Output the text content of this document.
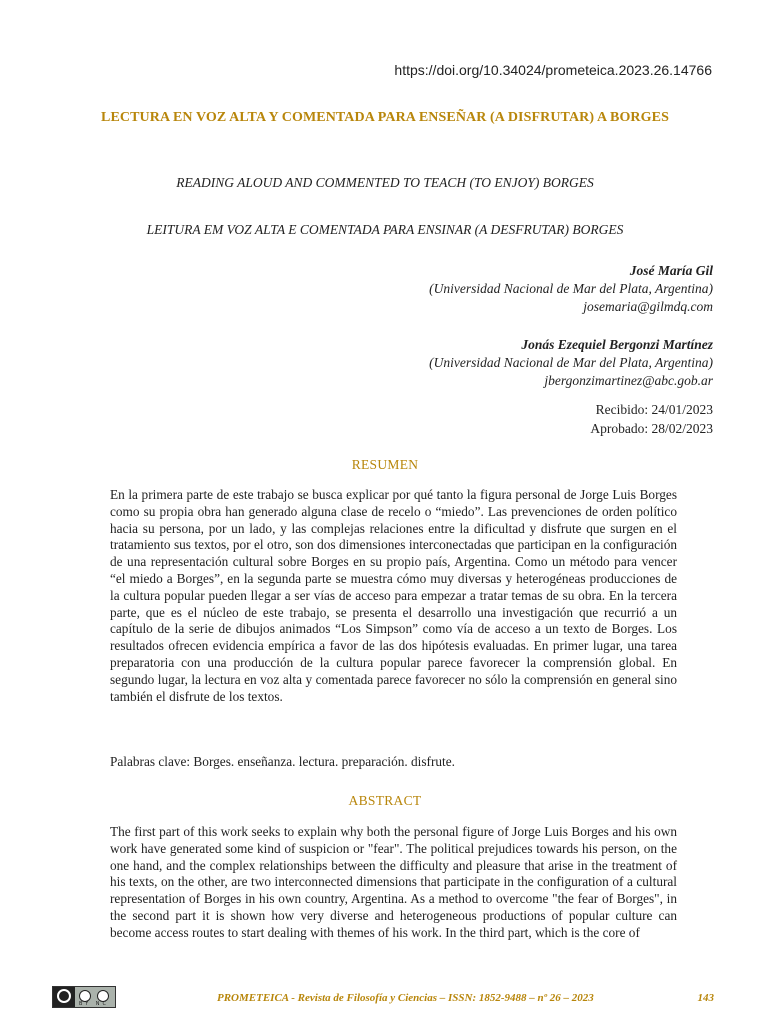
https://doi.org/10.34024/prometeica.2023.26.14766
LECTURA EN VOZ ALTA Y COMENTADA PARA ENSEÑAR (A DISFRUTAR) A BORGES
READING ALOUD AND COMMENTED TO TEACH (TO ENJOY) BORGES
LEITURA EM VOZ ALTA E COMENTADA PARA ENSINAR (A DESFRUTAR) BORGES
José María Gil
(Universidad Nacional de Mar del Plata, Argentina)
josemaria@gilmdq.com
Jonás Ezequiel Bergonzi Martínez
(Universidad Nacional de Mar del Plata, Argentina)
jbergonzimartinez@abc.gob.ar
Recibido: 24/01/2023
Aprobado: 28/02/2023
RESUMEN
En la primera parte de este trabajo se busca explicar por qué tanto la figura personal de Jorge Luis Borges como su propia obra han generado alguna clase de recelo o “miedo”. Las prevenciones de orden político hacia su persona, por un lado, y las complejas relaciones entre la dificultad y disfrute que surgen en el tratamiento sus textos, por el otro, son dos dimensiones interconectadas que participan en la configuración de una representación cultural sobre Borges en su propio país, Argentina. Como un método para vencer “el miedo a Borges”, en la segunda parte se muestra cómo muy diversas y heterogéneas producciones de la cultura popular pueden llegar a ser vías de acceso para empezar a tratar temas de su obra. En la tercera parte, que es el núcleo de este trabajo, se presenta el desarrollo una investigación que recurrió a un capítulo de la serie de dibujos animados “Los Simpson” como vía de acceso a un texto de Borges. Los resultados ofrecen evidencia empírica a favor de las dos hipótesis evaluadas. En primer lugar, una tarea preparatoria con una producción de la cultura popular parece favorecer la comprensión global. En segundo lugar, la lectura en voz alta y comentada parece favorecer no sólo la comprensión en general sino también el disfrute de los textos.
Palabras clave: Borges. enseñanza. lectura. preparación. disfrute.
ABSTRACT
The first part of this work seeks to explain why both the personal figure of Jorge Luis Borges and his own work have generated some kind of suspicion or "fear". The political prejudices towards his person, on the one hand, and the complex relationships between the difficulty and pleasure that arise in the treatment of his texts, on the other, are two interconnected dimensions that participate in the configuration of a cultural representation of Borges in his own country, Argentina. As a method to overcome "the fear of Borges", in the second part it is shown how very diverse and heterogeneous productions of popular culture can become access routes to start dealing with themes of his work. In the third part, which is the core of
BY NC	PROMETEICA - Revista de Filosofía y Ciencias – ISSN: 1852-9488 – nº 26 – 2023	143
